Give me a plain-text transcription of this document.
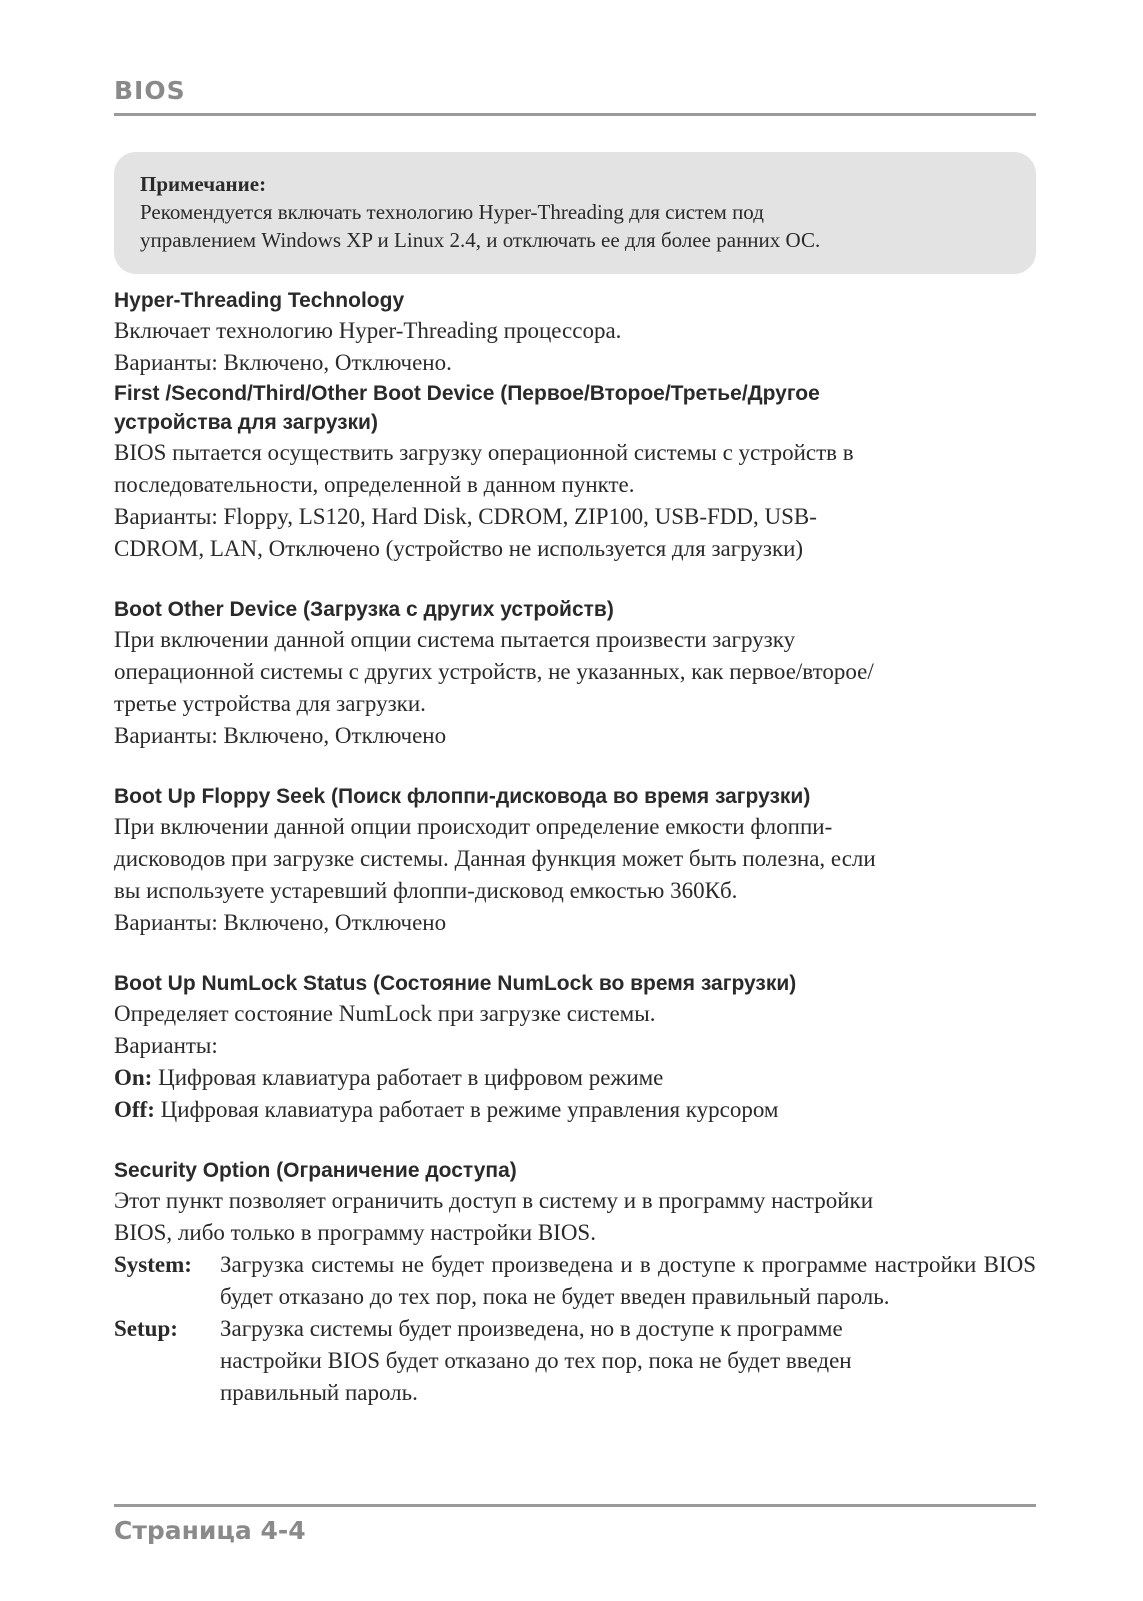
BIOS
Примечание:
Рекомендуется включать технологию Hyper-Threading для систем под
управлением Windows XP и Linux 2.4, и отключать ее для более ранних ОС.
Hyper-Threading Technology
Включает технологию Hyper-Threading процессора.
Варианты: Включено, Отключено.
First /Second/Third/Other Boot Device (Первое/Второе/Третье/Другое
устройства для загрузки)
BIOS пытается осуществить загрузку операционной системы с устройств в
последовательности, определенной в данном пункте.
Варианты: Floppy, LS120, Hard Disk, CDROM, ZIP100, USB-FDD, USB-
CDROM, LAN, Отключено (устройство не используется для загрузки)
Boot Other Device (Загрузка с других устройств)
При включении данной опции система пытается произвести загрузку
операционной системы с других устройств, не указанных, как первое/второе/
третье устройства для загрузки.
Варианты: Включено, Отключено
Boot Up Floppy Seek (Поиск флоппи-дисковода во время загрузки)
При включении данной опции происходит определение емкости флоппи-
дисководов при загрузке системы. Данная функция может быть полезна, если
вы используете устаревший флоппи-дисковод емкостью 360Кб.
Варианты: Включено, Отключено
Boot Up NumLock Status (Состояние NumLock во время загрузки)
Определяет состояние NumLock при загрузке системы.
Варианты:
On: Цифровая клавиатура работает в цифровом режиме
Off: Цифровая клавиатура работает в режиме управления курсором
Security Option (Ограничение доступа)
Этот пункт позволяет ограничить доступ в систему и в программу настройки
BIOS, либо только в программу настройки BIOS.
System:	Загрузка системы не будет произведена и в доступе к программе настройки BIOS будет отказано до тех пор, пока не будет введен правильный пароль.
Setup:	Загрузка системы будет произведена, но в доступе к программе
настройки BIOS будет отказано до тех пор, пока не будет введен
правильный пароль.
Страница 4-4
